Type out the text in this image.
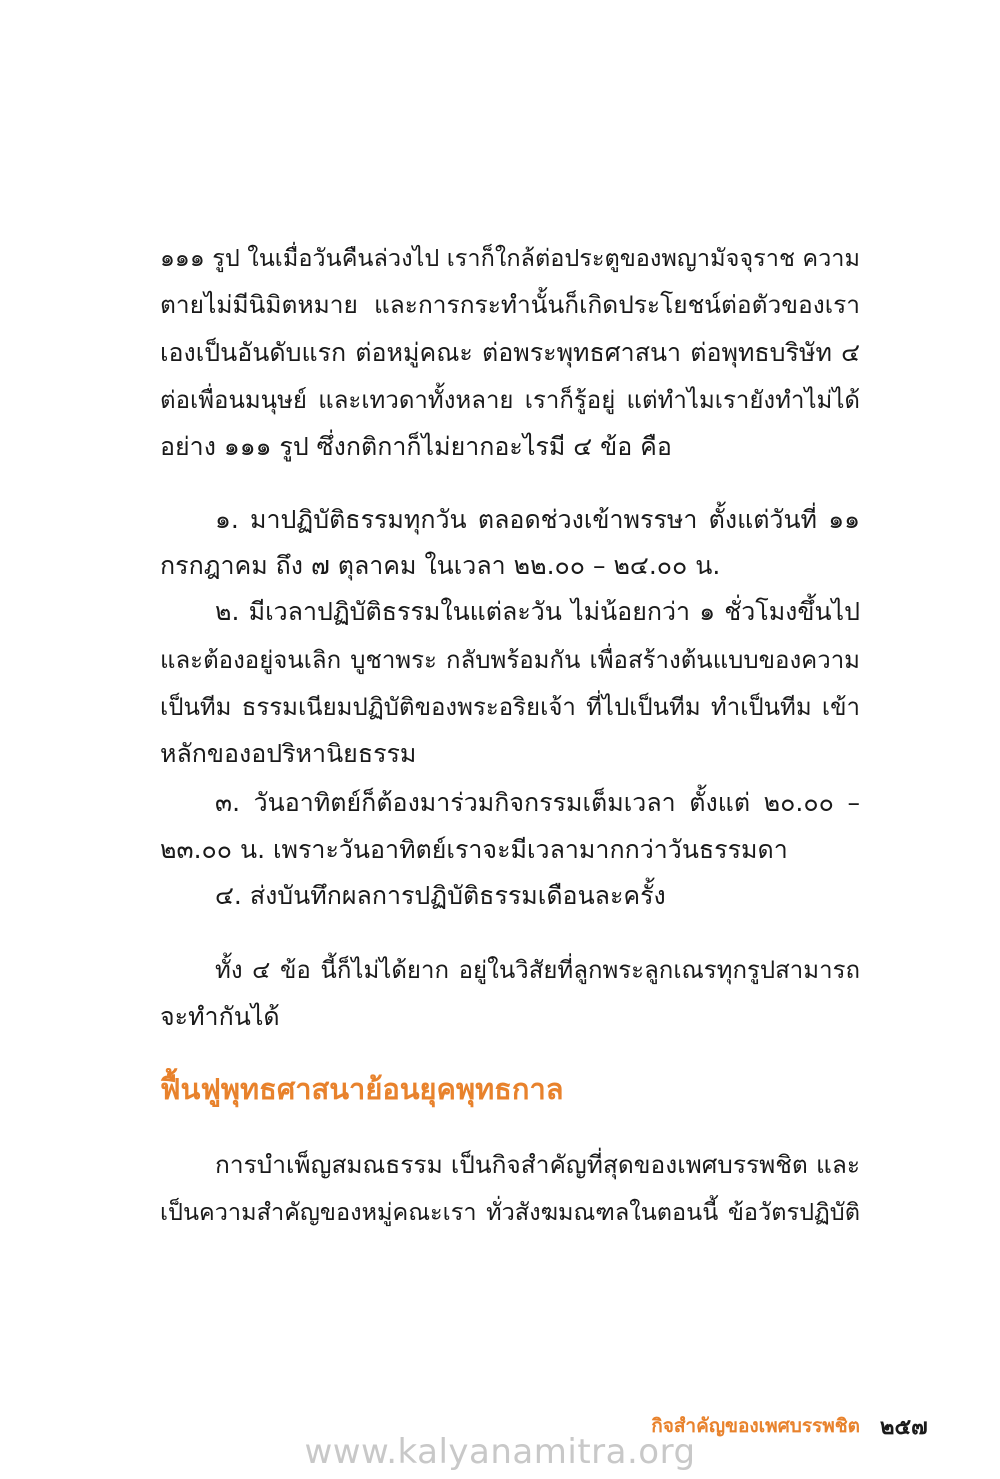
๑๑๑ รูป ในเมื่อวันคืนล่วงไป เราก็ใกล้ต่อประตูของพญามัจจุราช ความ
ตายไม่มีนิมิตหมาย และการกระทำนั้นก็เกิดประโยชน์ต่อตัวของเรา
เองเป็นอันดับแรก ต่อหมู่คณะ ต่อพระพุทธศาสนา ต่อพุทธบริษัท ๔
ต่อเพื่อนมนุษย์ และเทวดาทั้งหลาย เราก็รู้อยู่ แต่ทำไมเรายังทำไม่ได้
อย่าง ๑๑๑ รูป ซึ่งกติกาก็ไม่ยากอะไรมี ๔ ข้อ คือ
๑. มาปฏิบัติธรรมทุกวัน ตลอดช่วงเข้าพรรษา ตั้งแต่วันที่ ๑๑
กรกฎาคม ถึง ๗ ตุลาคม ในเวลา ๒๒.๐๐ – ๒๔.๐๐ น.
๒. มีเวลาปฏิบัติธรรมในแต่ละวัน ไม่น้อยกว่า ๑ ชั่วโมงขึ้นไป
และต้องอยู่จนเลิก บูชาพระ กลับพร้อมกัน เพื่อสร้างต้นแบบของความ
เป็นทีม ธรรมเนียมปฏิบัติของพระอริยเจ้า ที่ไปเป็นทีม ทำเป็นทีม เข้า
หลักของอปริหานิยธรรม
๓. วันอาทิตย์ก็ต้องมาร่วมกิจกรรมเต็มเวลา ตั้งแต่ ๒๐.๐๐ –
๒๓.๐๐ น. เพราะวันอาทิตย์เราจะมีเวลามากกว่าวันธรรมดา
๔. ส่งบันทึกผลการปฏิบัติธรรมเดือนละครั้ง
ทั้ง ๔ ข้อ นี้ก็ไม่ได้ยาก อยู่ในวิสัยที่ลูกพระลูกเณรทุกรูปสามารถ
จะทำกันได้
ฟื้นฟูพุทธศาสนาย้อนยุคพุทธกาล
การบำเพ็ญสมณธรรม เป็นกิจสำคัญที่สุดของเพศบรรพชิต และ
เป็นความสำคัญของหมู่คณะเรา ทั่วสังฆมณฑลในตอนนี้ ข้อวัตรปฏิบัติ
กิจสำคัญของเพศบรรพชิต ๒๕๗
www.kalyanamitra.org
